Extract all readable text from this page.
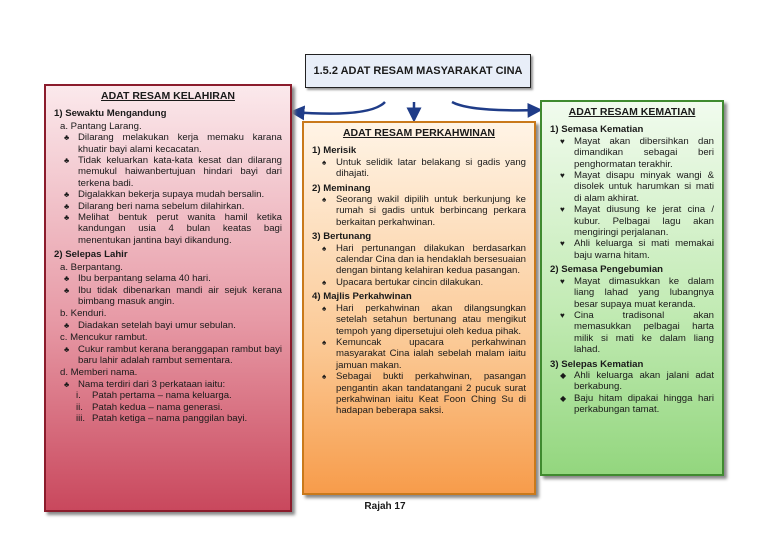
1.5.2 ADAT RESAM MASYARAKAT CINA
ADAT RESAM KELAHIRAN
1) Sewaktu Mengandung
a. Pantang Larang.
♣ Dilarang melakukan kerja memaku karana khuatir bayi alami kecacatan.
♣ Tidak keluarkan kata-kata kesat dan dilarang memukul haiwanbertujuan hindari bayi dari terkena badi.
♣ Digalakkan bekerja supaya mudah bersalin.
♣ Dilarang beri nama sebelum dilahirkan.
♣ Melihat bentuk perut wanita hamil ketika kandungan usia 4 bulan keatas bagi menentukan jantina bayi dikandung.
2) Selepas Lahir
a. Berpantang.
♣ Ibu berpantang selama 40 hari.
♣ Ibu tidak dibenarkan mandi air sejuk kerana bimbang masuk angin.
b. Kenduri.
♣ Diadakan setelah bayi umur sebulan.
c. Mencukur rambut.
♣ Cukur rambut kerana beranggapan rambut bayi baru lahir adalah rambut sementara.
d. Memberi nama.
♣ Nama terdiri dari 3 perkataan iaitu:
i. Patah pertama – nama keluarga.
ii. Patah kedua – nama generasi.
iii. Patah ketiga – nama panggilan bayi.
ADAT RESAM PERKAHWINAN
1) Merisik
♠ Untuk selidik latar belakang si gadis yang dihajati.
2) Meminang
♠ Seorang wakil dipilih untuk berkunjung ke rumah si gadis untuk berbincang perkara berkaitan perkahwinan.
3) Bertunang
♠ Hari pertunangan dilakukan berdasarkan calendar Cina dan ia hendaklah bersesuaian dengan bintang kelahiran kedua pasangan.
♠ Upacara bertukar cincin dilakukan.
4) Majlis Perkahwinan
♠ Hari perkahwinan akan dilangsungkan setelah setahun bertunang atau mengikut tempoh yang dipersetujui oleh kedua pihak.
♠ Kemuncak upacara perkahwinan masyarakat Cina ialah sebelah malam iaitu jamuan makan.
♠ Sebagai bukti perkahwinan, pasangan pengantin akan tandatangani 2 pucuk surat perkahwinan iaitu Keat Foon Ching Su di hadapan beberapa saksi.
ADAT RESAM KEMATIAN
1) Semasa Kematian
♥ Mayat akan dibersihkan dan dimandikan sebagai beri penghormatan terakhir.
♥ Mayat disapu minyak wangi & disolek untuk harumkan si mati di alam akhirat.
♥ Mayat diusung ke jerat cina / kubur. Pelbagai lagu akan mengiringi perjalanan.
♥ Ahli keluarga si mati memakai baju warna hitam.
2) Semasa Pengebumian
♥ Mayat dimasukkan ke dalam liang lahad yang lubangnya besar supaya muat keranda.
♥ Cina tradisonal akan memasukkan pelbagai harta milik si mati ke dalam liang lahad.
3) Selepas Kematian
◆ Ahli keluarga akan jalani adat berkabung.
◆ Baju hitam dipakai hingga hari perkabungan tamat.
Rajah 17
